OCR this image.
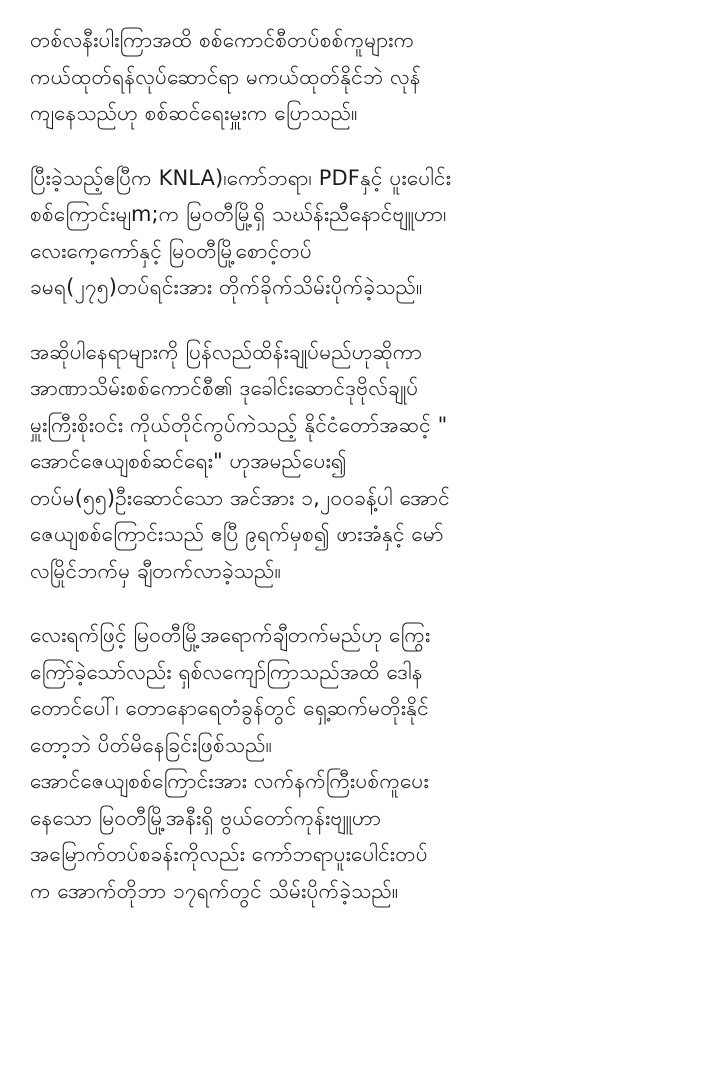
တစ်လနီးပါးကြာအထိ စစ်ကောင်စီတပ်စစ်ကူများက
ကယ်ထုတ်ရန်လုပ်ဆောင်ရာ မကယ်ထုတ်နိုင်ဘဲ လုန်
ကျနေသည်ဟု စစ်ဆင်ရေးမှူးက ပြောသည်။

ပြီးခဲ့သည့်ဧပြီက KNLA)၊ကော်ဘရာ၊ PDFနှင့် ပူးပေါင်း
စစ်ကြောင်းမျm;က မြဝတီမြို့ရှိ သဃ်န်းညီနောင်ဗျူဟာ၊
လေးကေ့ကော်နှင့် မြဝတီမြို့စောင့်တပ်
ခမရ(၂၇၅)တပ်ရင်းအား တိုက်ခိုက်သိမ်းပိုက်ခဲ့သည်။

အဆိုပါနေရာများကို ပြန်လည်ထိန်းချုပ်မည်ဟုဆိုကာ
အာဏာသိမ်းစစ်ကောင်စီ၏ ဒုခေါင်းဆောင်ဒုဗိုလ်ချုပ်
မှူးကြီးစိုးဝင်း ကိုယ်တိုင်ကွပ်ကဲသည့် နိုင်ငံတော်အဆင့် "
အောင်ဇေယျစစ်ဆင်ရေး" ဟုအမည်ပေး၍
တပ်မ(၅၅)ဦးဆောင်သော အင်အား ၁,၂၀၀ခန့်ပါ အောင်
ဇေယျစစ်ကြောင်းသည် ဧပြီ ၉ရက်မှစ၍ ဖားအံနှင့် မော်
လမြိုင်ဘက်မှ ချီတက်လာခဲ့သည်။

လေးရက်ဖြင့် မြဝတီမြို့အရောက်ချီတက်မည်ဟု ကြွေး
ကြော်ခဲ့သော်လည်း ရှစ်လကျော်ကြာသည်အထိ ဒေါန
တောင်ပေါ်၊ တောနောရေတံခွန်တွင် ရှေ့ဆက်မတိုးနိုင်
တော့ဘဲ ပိတ်မိနေခြင်းဖြစ်သည်။
အောင်ဇေယျစစ်ကြောင်းအား လက်နက်ကြီးပစ်ကူပေး
နေသော မြဝတီမြို့အနီးရှိ ဗွယ်တော်ကုန်းဗျူဟာ
အမြောက်တပ်စခန်းကိုလည်း ကော်ဘရာပူးပေါင်းတပ်
က အောက်တိုဘာ ၁၇ရက်တွင် သိမ်းပိုက်ခဲ့သည်။
